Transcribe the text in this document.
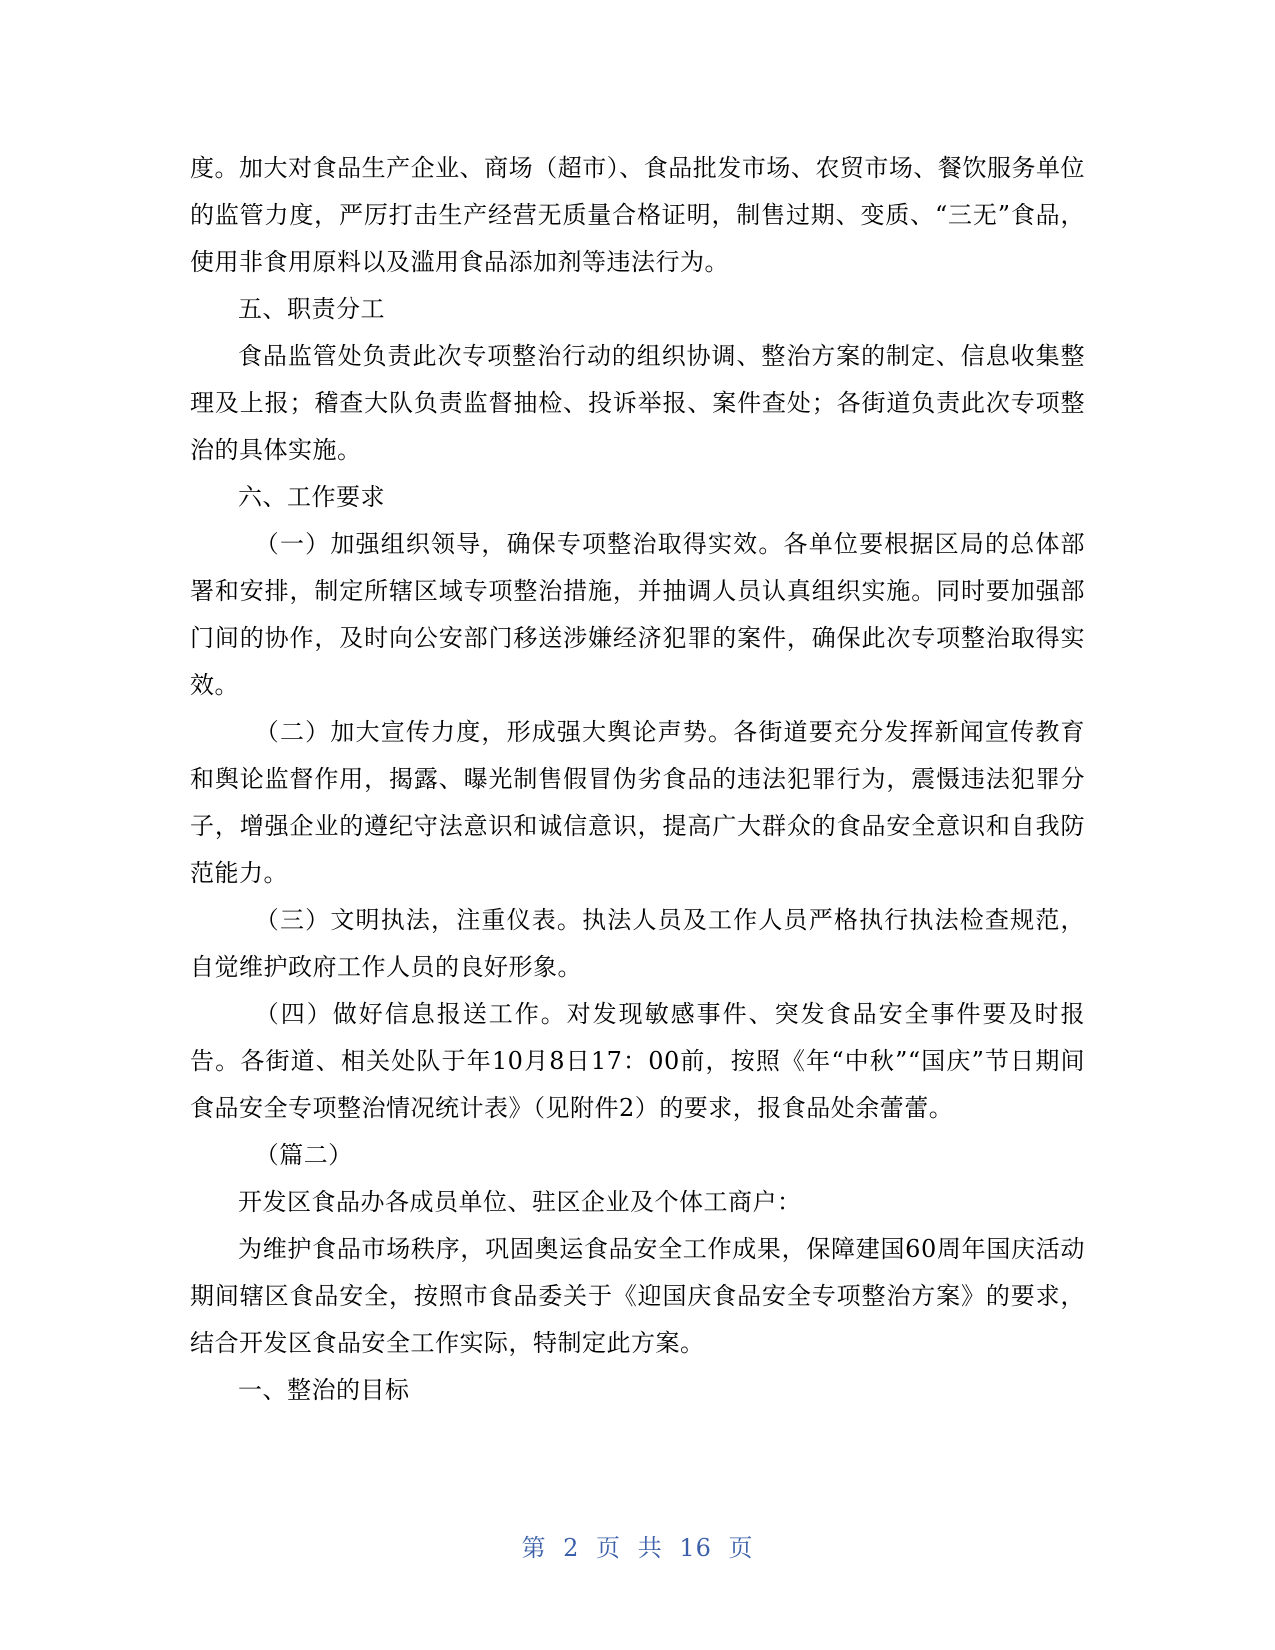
度。加大对食品生产企业、商场（超市）、食品批发市场、农贸市场、餐饮服务单位的监管力度，严厉打击生产经营无质量合格证明，制售过期、变质、“三无”食品，使用非食用原料以及滥用食品添加剂等违法行为。

五、职责分工

食品监管处负责此次专项整治行动的组织协调、整治方案的制定、信息收集整理及上报；稽查大队负责监督抽检、投诉举报、案件查处；各街道负责此次专项整治的具体实施。

六、工作要求

（一）加强组织领导，确保专项整治取得实效。各单位要根据区局的总体部署和安排，制定所辖区域专项整治措施，并抽调人员认真组织实施。同时要加强部门间的协作，及时向公安部门移送涉嫌经济犯罪的案件，确保此次专项整治取得实效。

（二）加大宣传力度，形成强大舆论声势。各街道要充分发挥新闻宣传教育和舆论监督作用，揭露、曝光制售假冒伪劣食品的违法犯罪行为，震慑违法犯罪分子，增强企业的遵纪守法意识和诚信意识，提高广大群众的食品安全意识和自我防范能力。

（三）文明执法，注重仪表。执法人员及工作人员严格执行执法检查规范，自觉维护政府工作人员的良好形象。

（四）做好信息报送工作。对发现敏感事件、突发食品安全事件要及时报告。各街道、相关处队于年10月8日17：00前，按照《年“中秋”“国庆”节日期间食品安全专项整治情况统计表》（见附件2）的要求，报食品处余蕾蕾。

（篇二）

开发区食品办各成员单位、驻区企业及个体工商户：

为维护食品市场秩序，巩固奥运食品安全工作成果，保障建国60周年国庆活动期间辖区食品安全，按照市食品委关于《迎国庆食品安全专项整治方案》的要求，结合开发区食品安全工作实际，特制定此方案。

一、整治的目标

第 2 页 共 16 页
